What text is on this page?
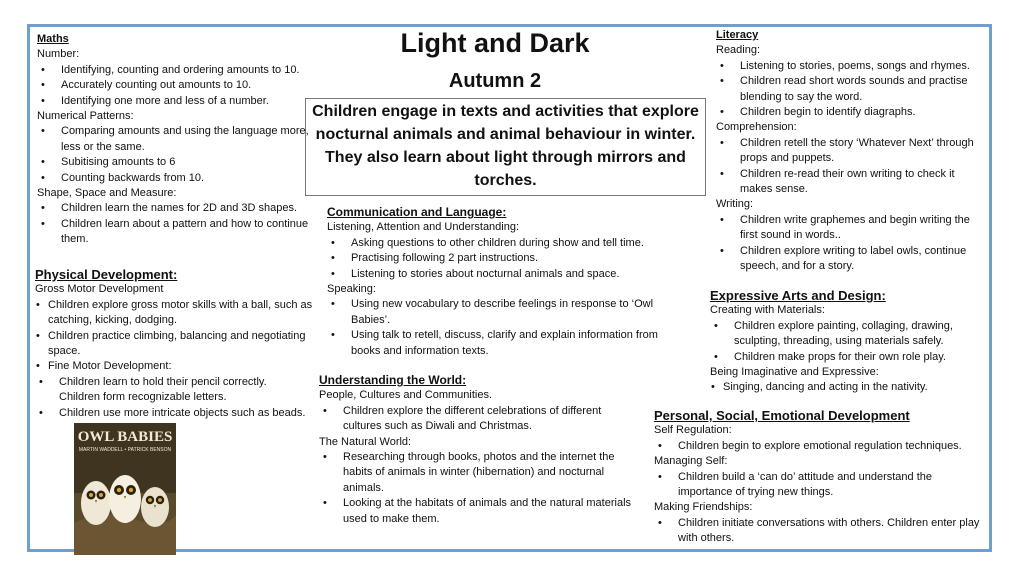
Light and Dark
Autumn 2
Children engage in texts and activities that explore nocturnal animals and animal behaviour in winter. They also learn about light through mirrors and torches.
Maths
Number:
• Identifying, counting and ordering amounts to 10.
• Accurately counting out amounts to 10.
• Identifying one more and less of a number.
Numerical Patterns:
• Comparing amounts and using the language more, less or the same.
• Subitising amounts to 6
• Counting backwards from 10.
Shape, Space and Measure:
• Children learn the names for 2D and 3D shapes.
• Children learn about a pattern and how to continue them.
Physical Development:
Gross Motor Development
• Children explore gross motor skills with a ball, such as catching, kicking, dodging.
• Children practice climbing, balancing and negotiating space.
• Fine Motor Development:
• Children learn to hold their pencil correctly. Children form recognizable letters.
• Children use more intricate objects such as beads.
OWL BABIES
MARTIN WADDELL • PATRICK BENSON
Communication and Language:
Listening, Attention and Understanding:
• Asking questions to other children during show and tell time.
• Practising following 2 part instructions.
• Listening to stories about nocturnal animals and space.
Speaking:
• Using new vocabulary to describe feelings in response to ‘Owl Babies’.
• Using talk to retell, discuss, clarify and explain information from books and information texts.
Understanding the World:
People, Cultures and Communities.
• Children explore the different celebrations of different cultures such as Diwali and Christmas.
The Natural World:
• Researching through books, photos and the internet the habits of animals in winter (hibernation) and nocturnal animals.
• Looking at the habitats of animals and the natural materials used to make them.
Literacy
Reading:
• Listening to stories, poems, songs and rhymes.
• Children read short words sounds and practise blending to say the word.
• Children begin to identify diagraphs.
Comprehension:
• Children retell the story ‘Whatever Next’ through props and puppets.
• Children re-read their own writing to check it makes sense.
Writing:
• Children write graphemes and begin writing the first sound in words..
• Children explore writing to label owls, continue speech, and for a story.
Expressive Arts and Design:
Creating with Materials:
• Children explore painting, collaging, drawing, sculpting, threading, using materials safely.
• Children make props for their own role play.
Being Imaginative and Expressive:
• Singing, dancing and acting in the nativity.
Personal, Social, Emotional Development
Self Regulation:
• Children begin to explore emotional regulation techniques.
Managing Self:
• Children build a ‘can do’ attitude and understand the importance of trying new things.
Making Friendships:
• Children initiate conversations with others. Children enter play with others.
